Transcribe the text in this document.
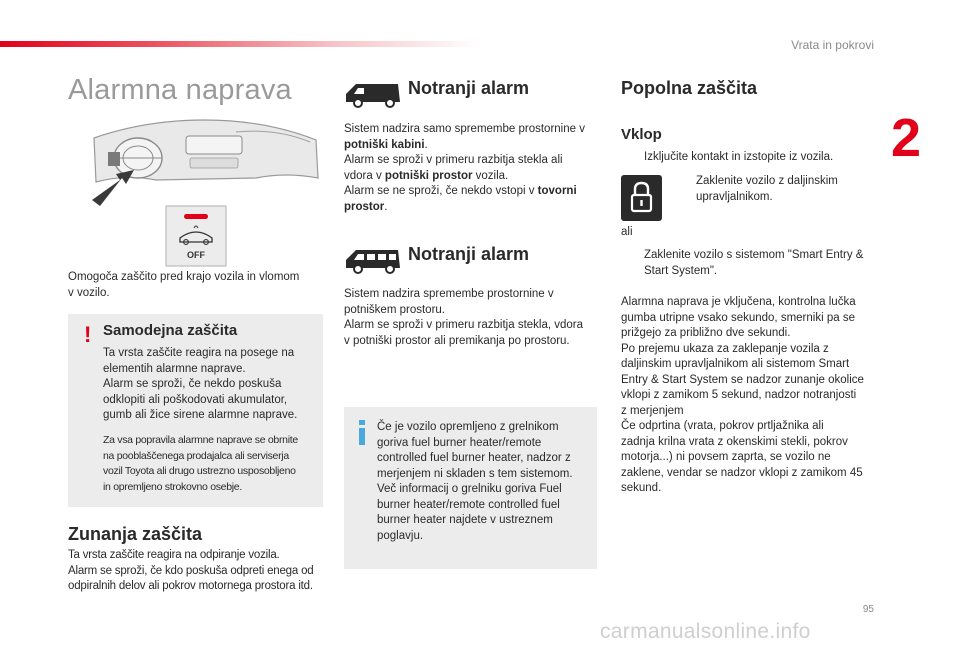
Vrata in pokrovi
2
95
Alarmna naprava
OFF

Omogoča zaščito pred krajo vozila in vlomom

v vozilo.

! Samodejna zaščita

Ta vrsta zaščite reagira na posege na

elementih alarmne naprave.

Alarm se sproži, če nekdo poskuša

odklopiti ali poškodovati akumulator,

gumb ali žice sirene alarmne naprave.

Za vsa popravila alarmne naprave se obrnite
na pooblaščenega prodajalca ali serviserja
vozil Toyota ali drugo ustrezno usposobljeno
in opremljeno strokovno osebje.
Zunanja zaščita

Ta vrsta zaščite reagira na odpiranje vozila.

Alarm se sproži, če kdo poskuša odpreti enega od

odpiralnih delov ali pokrov motornega prostora itd.

Notranji alarm

Sistem nadzira samo spremembe prostornine v

potniški kabini.

Alarm se sproži v primeru razbitja stekla ali

vdora v potniški prostor vozila.

Alarm se ne sproži, če nekdo vstopi v tovorni

prostor.

Notranji alarm

Sistem nadzira spremembe prostornine v

potniškem prostoru.

Alarm se sproži v primeru razbitja stekla, vdora

v potniški prostor ali premikanja po prostoru.

Če je vozilo opremljeno z grelnikom

goriva fuel burner heater/remote

controlled fuel burner heater, nadzor z

merjenjem ni skladen s tem sistemom.

Več informacij o grelniku goriva Fuel

burner heater/remote controlled fuel

burner heater najdete v ustreznem

poglavju.

Popolna zaščita
Vklop
Izključite kontakt in izstopite iz vozila.
Zaklenite vozilo z daljinskim
upravljalnikom.
ali
Zaklenite vozilo s sistemom "Smart Entry &
Start System".

Alarmna naprava je vključena, kontrolna lučka

gumba utripne vsako sekundo, smerniki pa se

prižgejo za približno dve sekundi.

Po prejemu ukaza za zaklepanje vozila z

daljinskim upravljalnikom ali sistemom Smart

Entry & Start System se nadzor zunanje okolice

vklopi z zamikom 5 sekund, nadzor notranjosti

z merjenjem

Če odprtina (vrata, pokrov prtljažnika ali

zadnja krilna vrata z okenskimi stekli, pokrov

motorja...) ni povsem zaprta, se vozilo ne

zaklene, vendar se nadzor vklopi z zamikom 45

sekund.

carmanualsonline.info
